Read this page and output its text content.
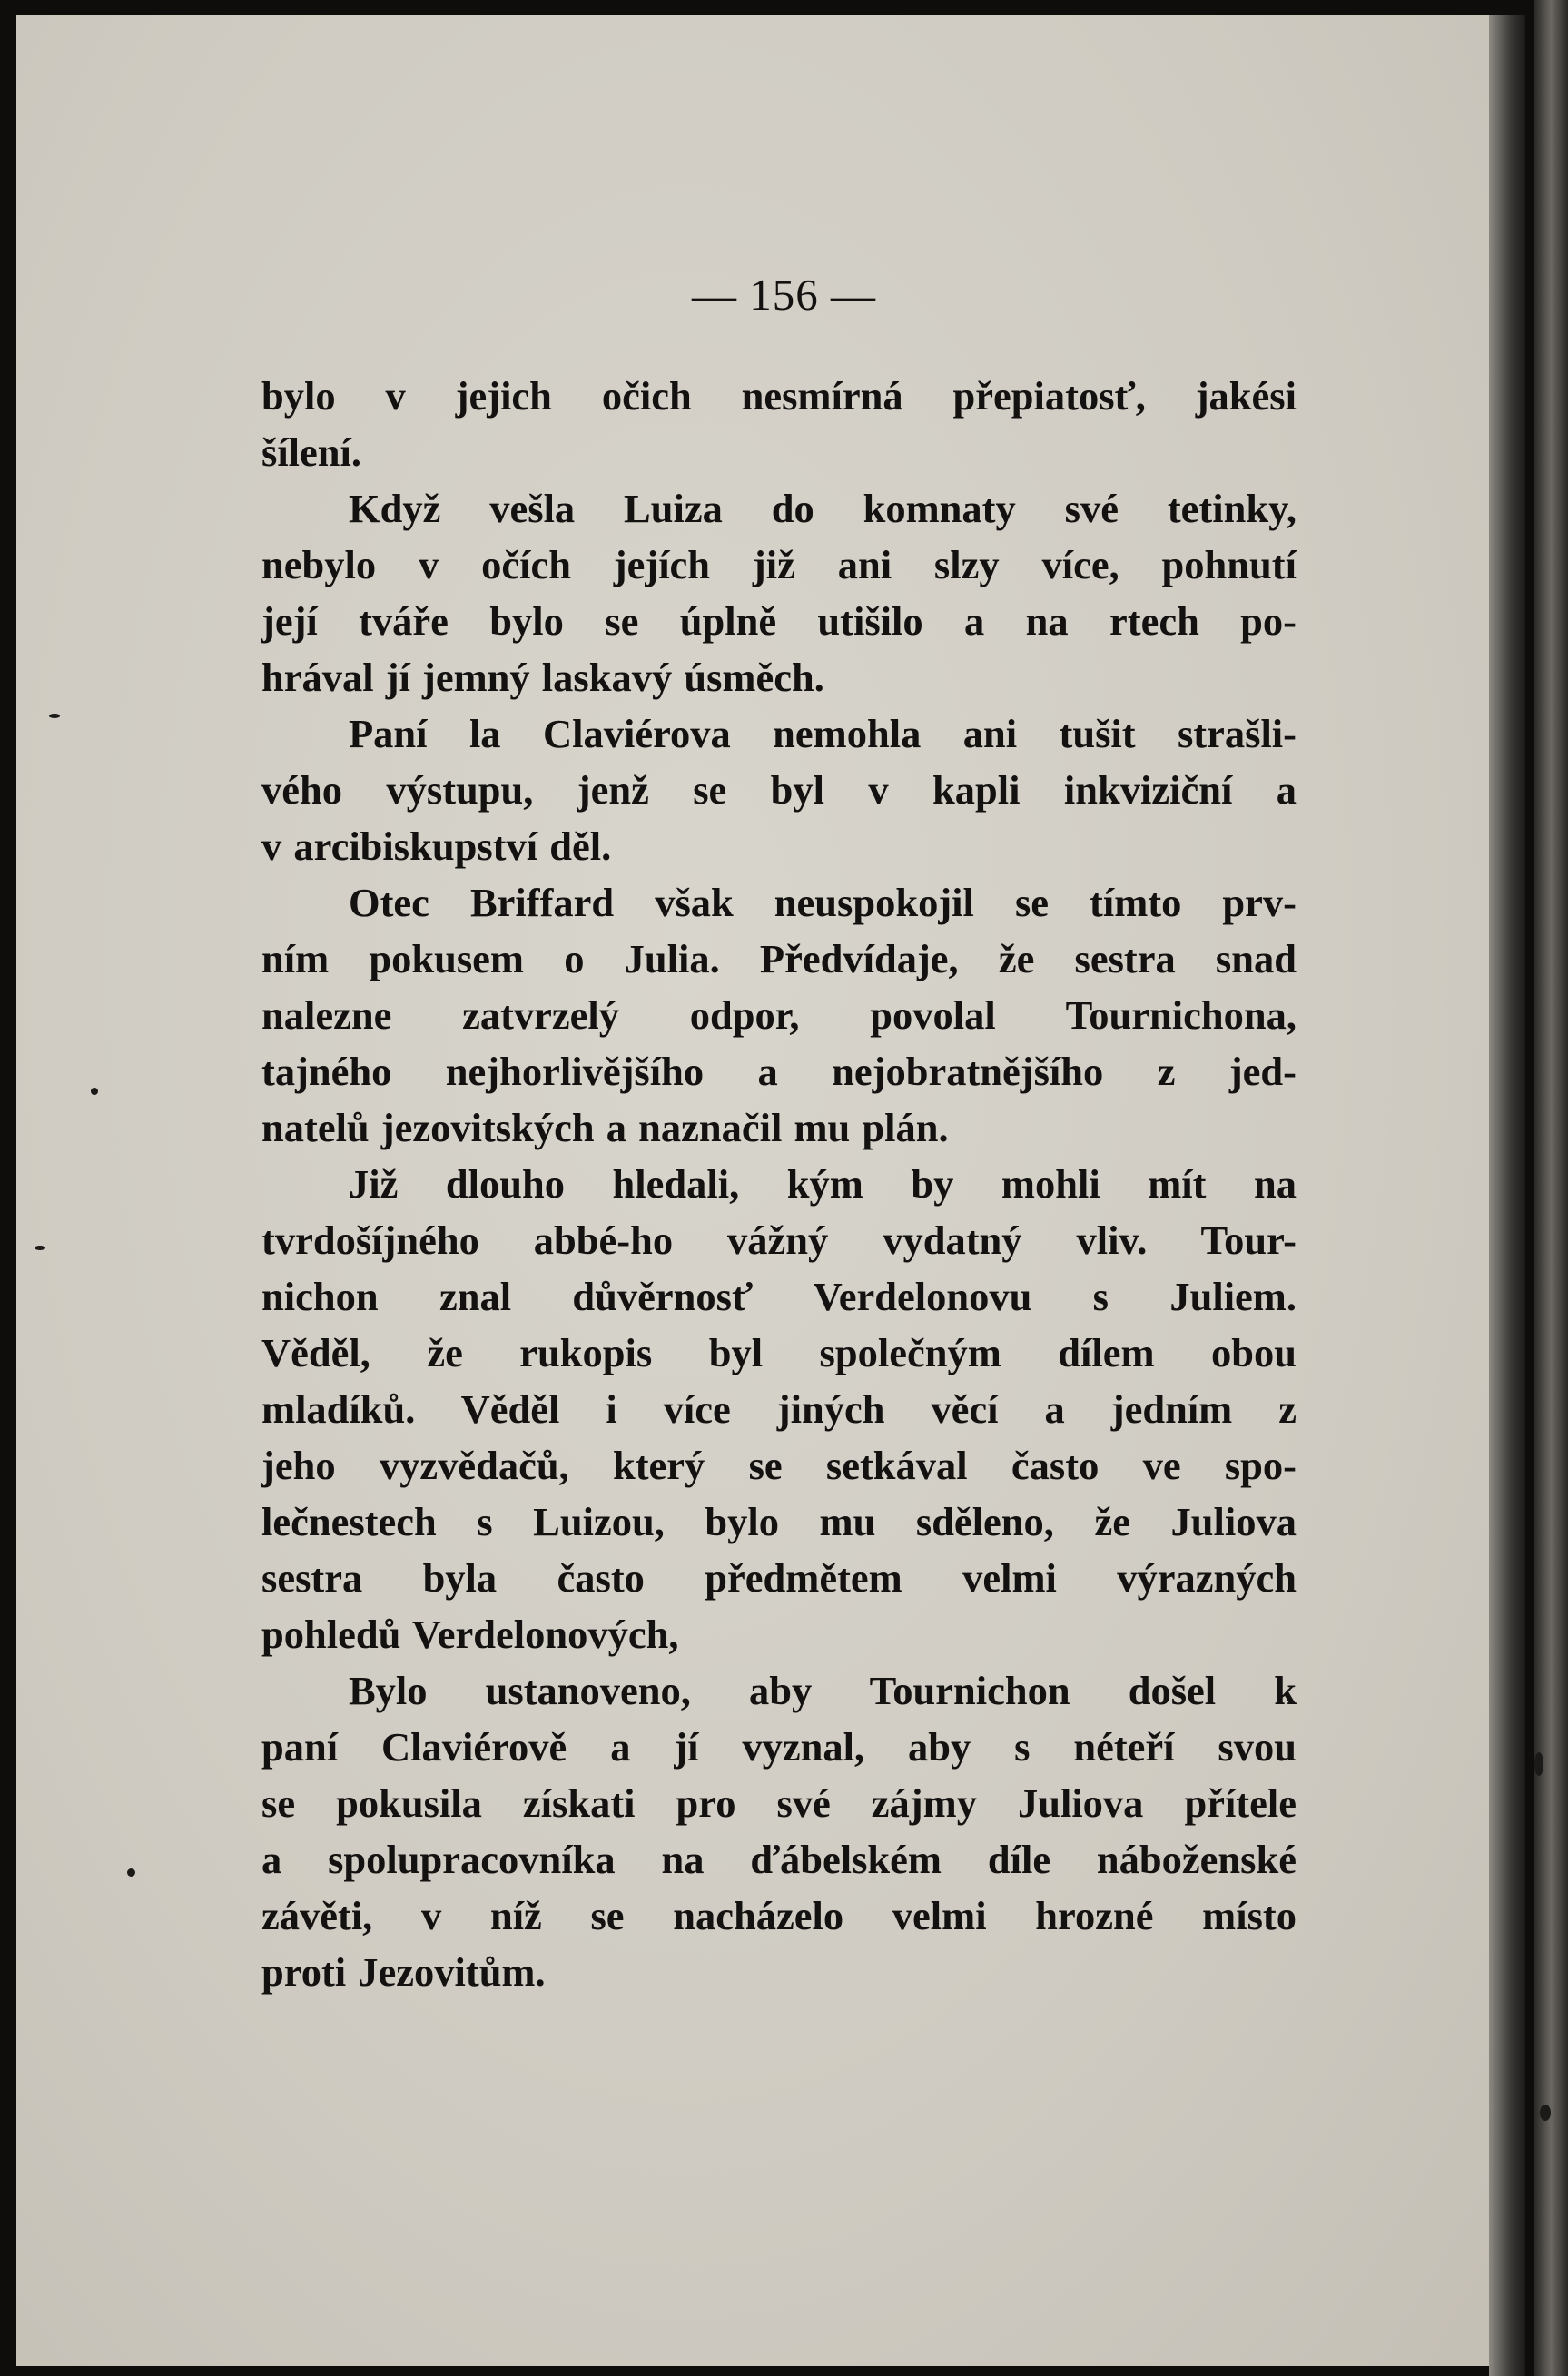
— 156 —
bylo v jejich očich nesmírná přepiatosť, jakési
šílení.
Když vešla Luiza do komnaty své tetinky,
nebylo v očích jejích již ani slzy více, pohnutí
její tváře bylo se úplně utišilo a na rtech po-
hrával jí jemný laskavý úsměch.
Paní la Claviérova nemohla ani tušit strašli-
vého výstupu, jenž se byl v kapli inkviziční a
v arcibiskupství děl.
Otec Briffard však neuspokojil se tímto prv-
ním pokusem o Julia. Předvídaje, že sestra snad
nalezne zatvrzelý odpor, povolal Tournichona,
tajného nejhorlivějšího a nejobratnějšího z jed-
natelů jezovitských a naznačil mu plán.
Již dlouho hledali, kým by mohli mít na
tvrdošíjného abbé-ho vážný vydatný vliv. Tour-
nichon znal důvěrnosť Verdelonovu s Juliem.
Věděl, že rukopis byl společným dílem obou
mladíků. Věděl i více jiných věcí a jedním z
jeho vyzvědačů, který se setkával často ve spo-
lečnestech s Luizou, bylo mu sděleno, že Juliova
sestra byla často předmětem velmi výrazných
pohledů Verdelonových,
Bylo ustanoveno, aby Tournichon došel k
paní Claviérově a jí vyznal, aby s néteří svou
se pokusila získati pro své zájmy Juliova přítele
a spolupracovníka na ďábelském díle náboženské
závěti, v níž se nacházelo velmi hrozné místo
proti Jezovitům.
